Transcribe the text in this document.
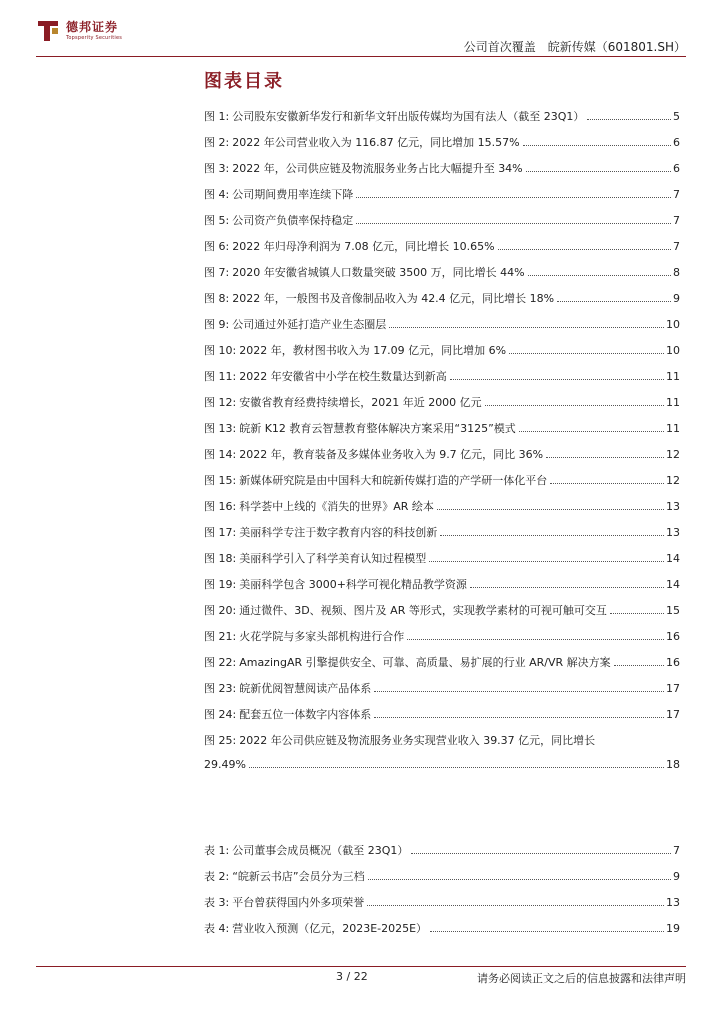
德邦证券
Topsperity Securities
公司首次覆盖　皖新传媒（601801.SH）
图表目录
图 1: 公司股东安徽新华发行和新华文轩出版传媒均为国有法人（截至 23Q1）	5
图 2: 2022 年公司营业收入为 116.87 亿元，同比增加 15.57%	6
图 3: 2022 年，公司供应链及物流服务业务占比大幅提升至 34%	6
图 4: 公司期间费用率连续下降	7
图 5: 公司资产负债率保持稳定	7
图 6: 2022 年归母净利润为 7.08 亿元，同比增长 10.65%	7
图 7: 2020 年安徽省城镇人口数量突破 3500 万，同比增长 44%	8
图 8: 2022 年，一般图书及音像制品收入为 42.4 亿元，同比增长 18%	9
图 9: 公司通过外延打造产业生态圈层	10
图 10: 2022 年，教材图书收入为 17.09 亿元，同比增加 6%	10
图 11: 2022 年安徽省中小学在校生数量达到新高	11
图 12: 安徽省教育经费持续增长，2021 年近 2000 亿元	11
图 13: 皖新 K12 教育云智慧教育整体解决方案采用“3125”模式	11
图 14: 2022 年，教育装备及多媒体业务收入为 9.7 亿元，同比 36%	12
图 15: 新媒体研究院是由中国科大和皖新传媒打造的产学研一体化平台	12
图 16: 科学荟中上线的《消失的世界》AR 绘本	13
图 17: 美丽科学专注于数字教育内容的科技创新	13
图 18: 美丽科学引入了科学美育认知过程模型	14
图 19: 美丽科学包含 3000+科学可视化精品教学资源	14
图 20: 通过微件、3D、视频、图片及 AR 等形式，实现教学素材的可视可触可交互	15
图 21: 火花学院与多家头部机构进行合作	16
图 22: AmazingAR 引擎提供安全、可靠、高质量、易扩展的行业 AR/VR 解决方案	16
图 23: 皖新优阅智慧阅读产品体系	17
图 24: 配套五位一体数字内容体系	17
图 25: 2022 年公司供应链及物流服务业务实现营业收入 39.37 亿元，同比增长
29.49%	18
表 1: 公司董事会成员概况（截至 23Q1）	7
表 2: “皖新云书店”会员分为三档	9
表 3: 平台曾获得国内外多项荣誉	13
表 4: 营业收入预测（亿元，2023E-2025E）	19
3 / 22	请务必阅读正文之后的信息披露和法律声明
